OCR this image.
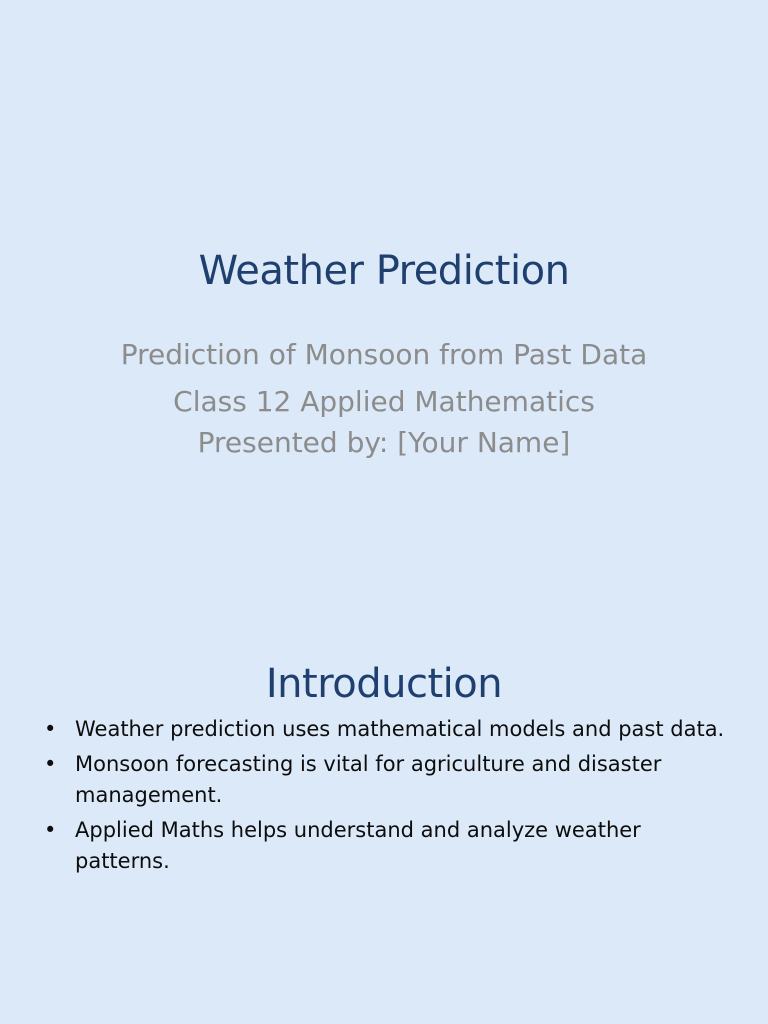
Weather Prediction

Prediction of Monsoon from Past Data

Class 12 Applied Mathematics

Presented by: [Your Name]

Introduction
• Weather prediction uses mathematical models and past data.
• Monsoon forecasting is vital for agriculture and disaster management.
• Applied Maths helps understand and analyze weather patterns.
